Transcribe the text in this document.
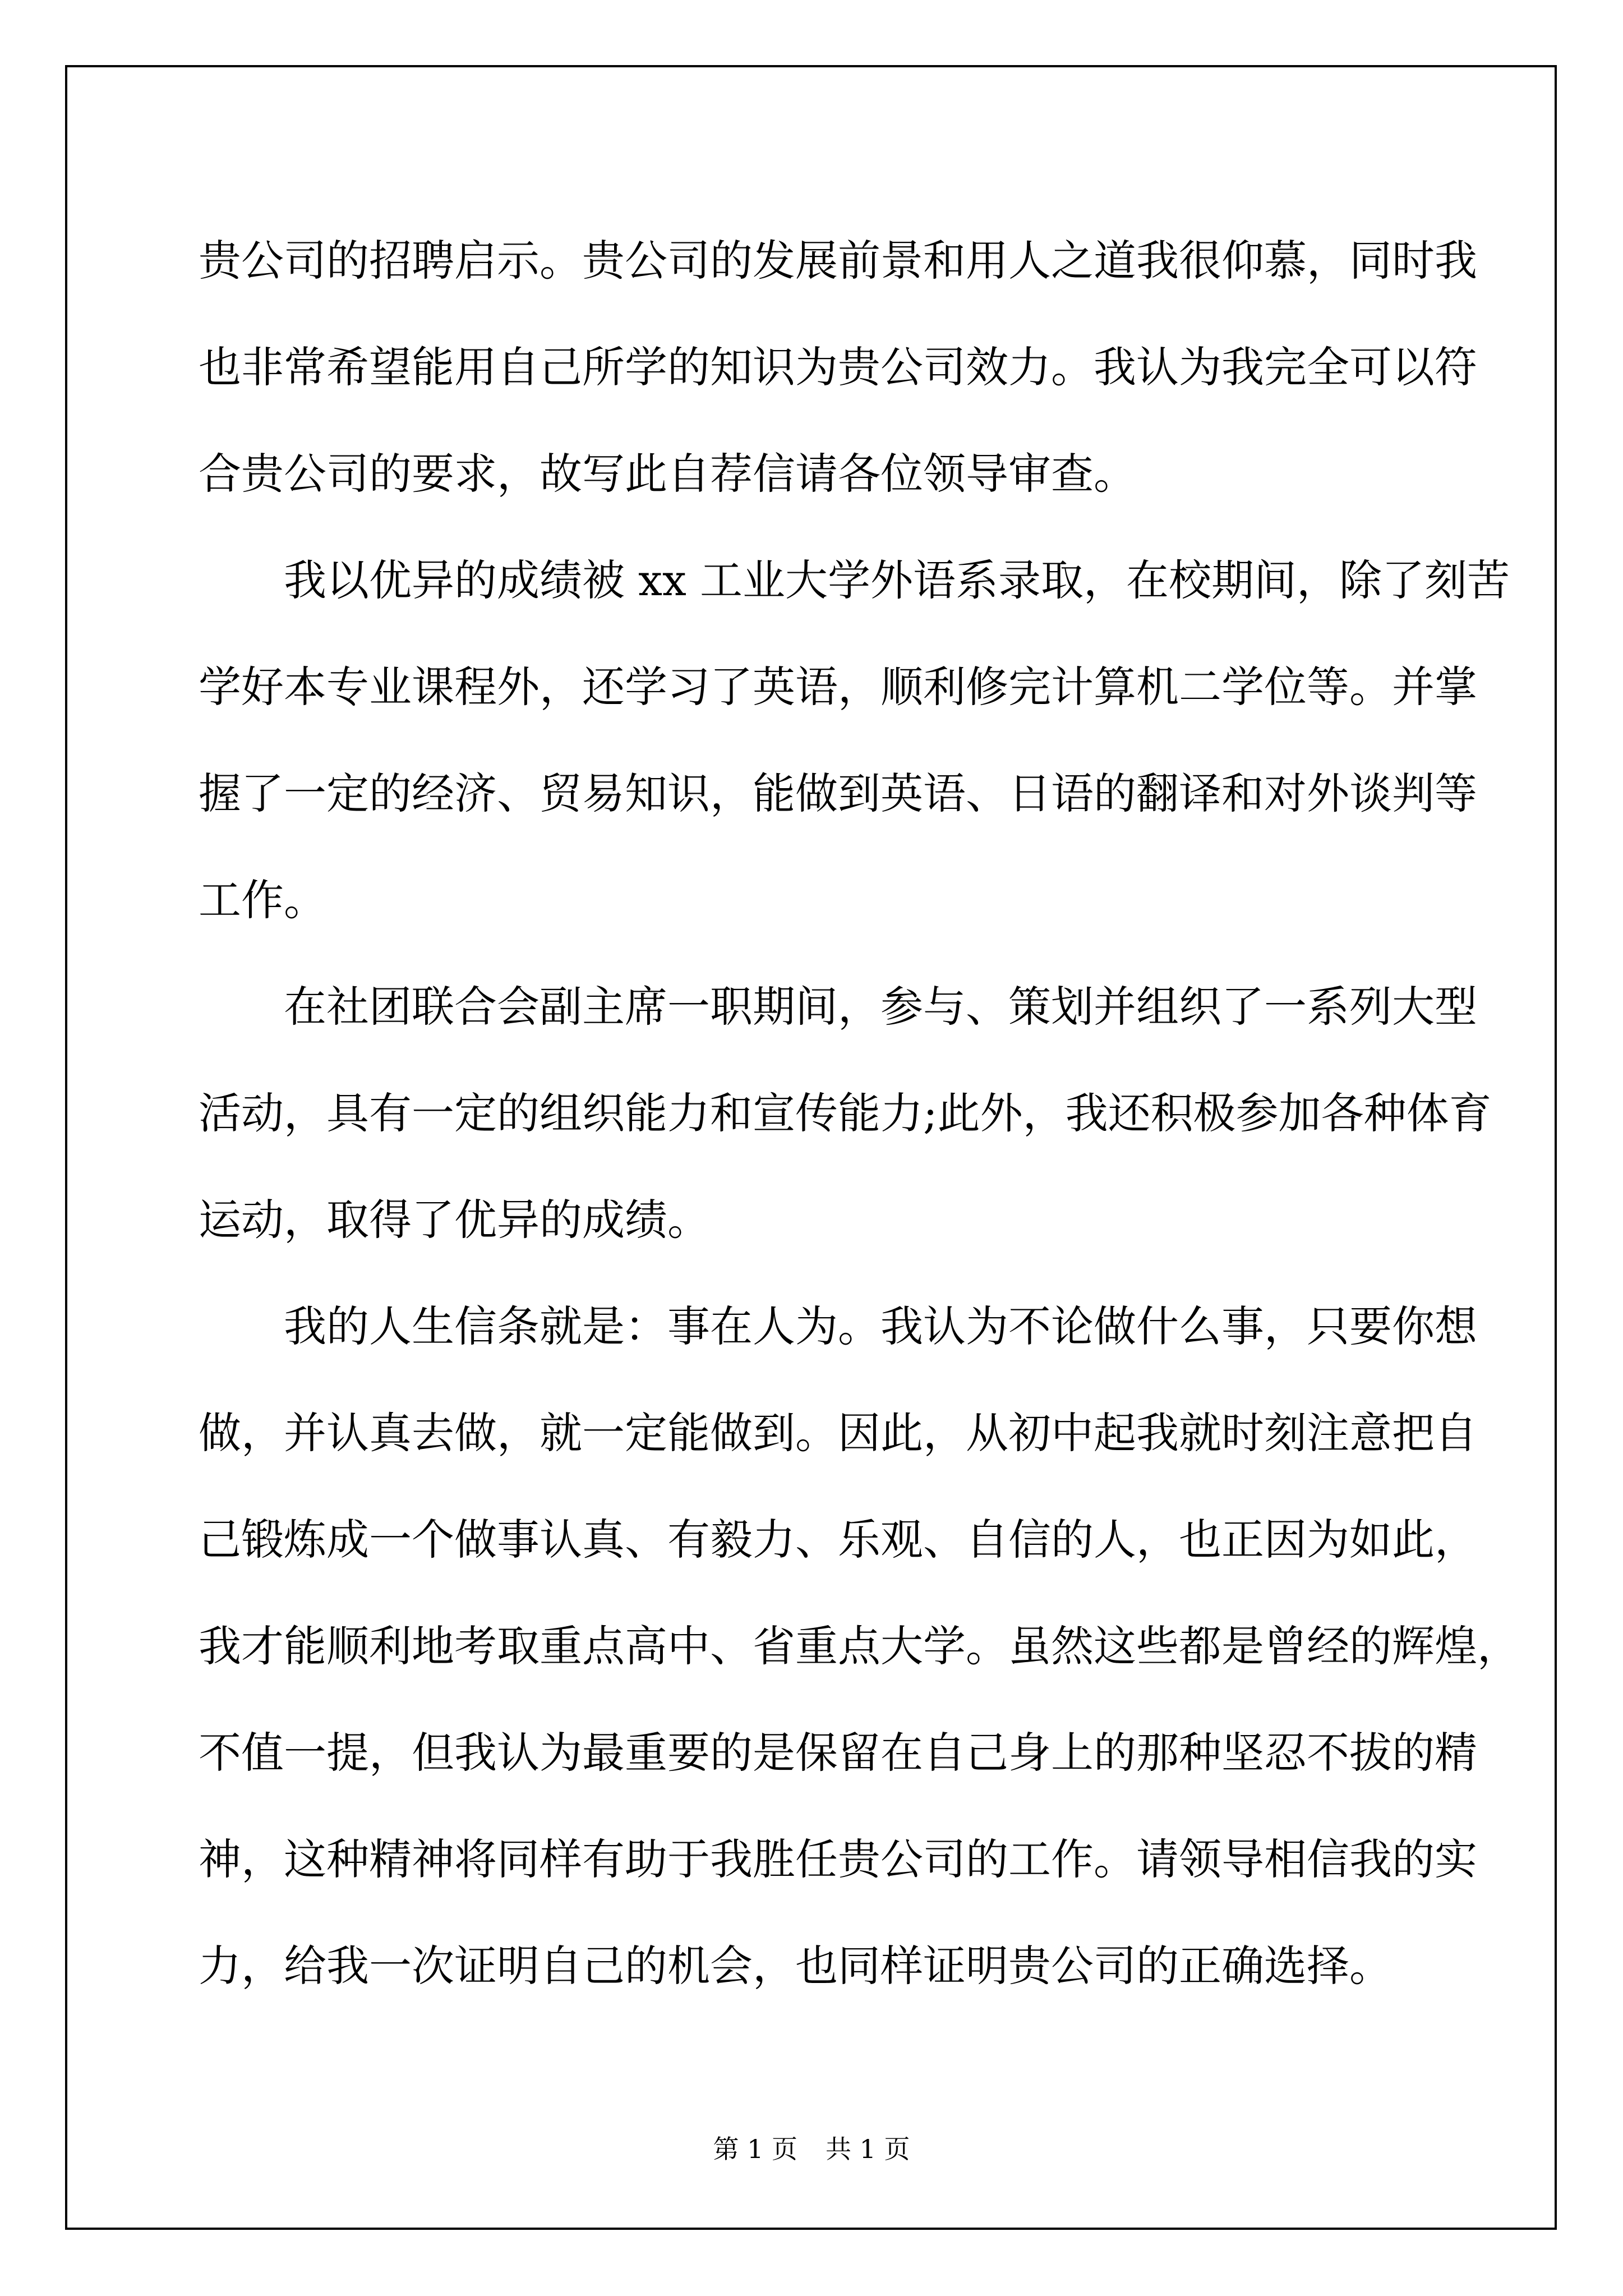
贵公司的招聘启示。贵公司的发展前景和用人之道我很仰慕，同时我
也非常希望能用自己所学的知识为贵公司效力。我认为我完全可以符
合贵公司的要求，故写此自荐信请各位领导审查。
我以优异的成绩被 xx 工业大学外语系录取，在校期间，除了刻苦
学好本专业课程外，还学习了英语，顺利修完计算机二学位等。并掌
握了一定的经济、贸易知识，能做到英语、日语的翻译和对外谈判等
工作。
在社团联合会副主席一职期间，参与、策划并组织了一系列大型
活动，具有一定的组织能力和宣传能力;此外，我还积极参加各种体育
运动，取得了优异的成绩。
我的人生信条就是：事在人为。我认为不论做什么事，只要你想
做，并认真去做，就一定能做到。因此，从初中起我就时刻注意把自
己锻炼成一个做事认真、有毅力、乐观、自信的人，也正因为如此，
我才能顺利地考取重点高中、省重点大学。虽然这些都是曾经的辉煌，
不值一提，但我认为最重要的是保留在自己身上的那种坚忍不拔的精
神，这种精神将同样有助于我胜任贵公司的工作。请领导相信我的实
力，给我一次证明自己的机会，也同样证明贵公司的正确选择。
第 1 页 共 1 页
